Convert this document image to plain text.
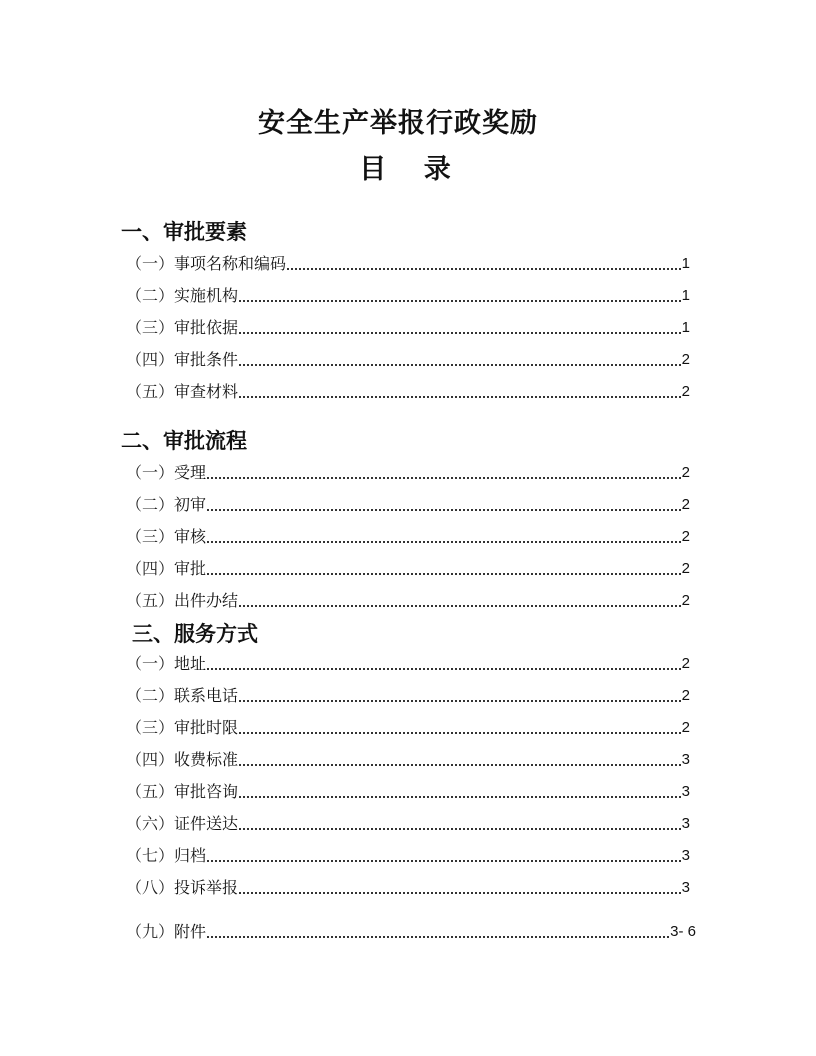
安全生产举报行政奖励
目 录
一、审批要素
（一） 事项名称和编码	1
（二） 实施机构	1
（三） 审批依据	1
（四） 审批条件	2
（五） 审查材料	2
二、审批流程
（一） 受理	2
（二） 初审	2
（三） 审核	2
（四） 审批	2
（五） 出件办结	2
三、服务方式
（一） 地址	2
（二） 联系电话	2
（三） 审批时限	2
（四） 收费标准	3
（五） 审批咨询	3
（六） 证件送达	3
（七） 归档	3
（八） 投诉举报	3
（九） 附件	3- 6
